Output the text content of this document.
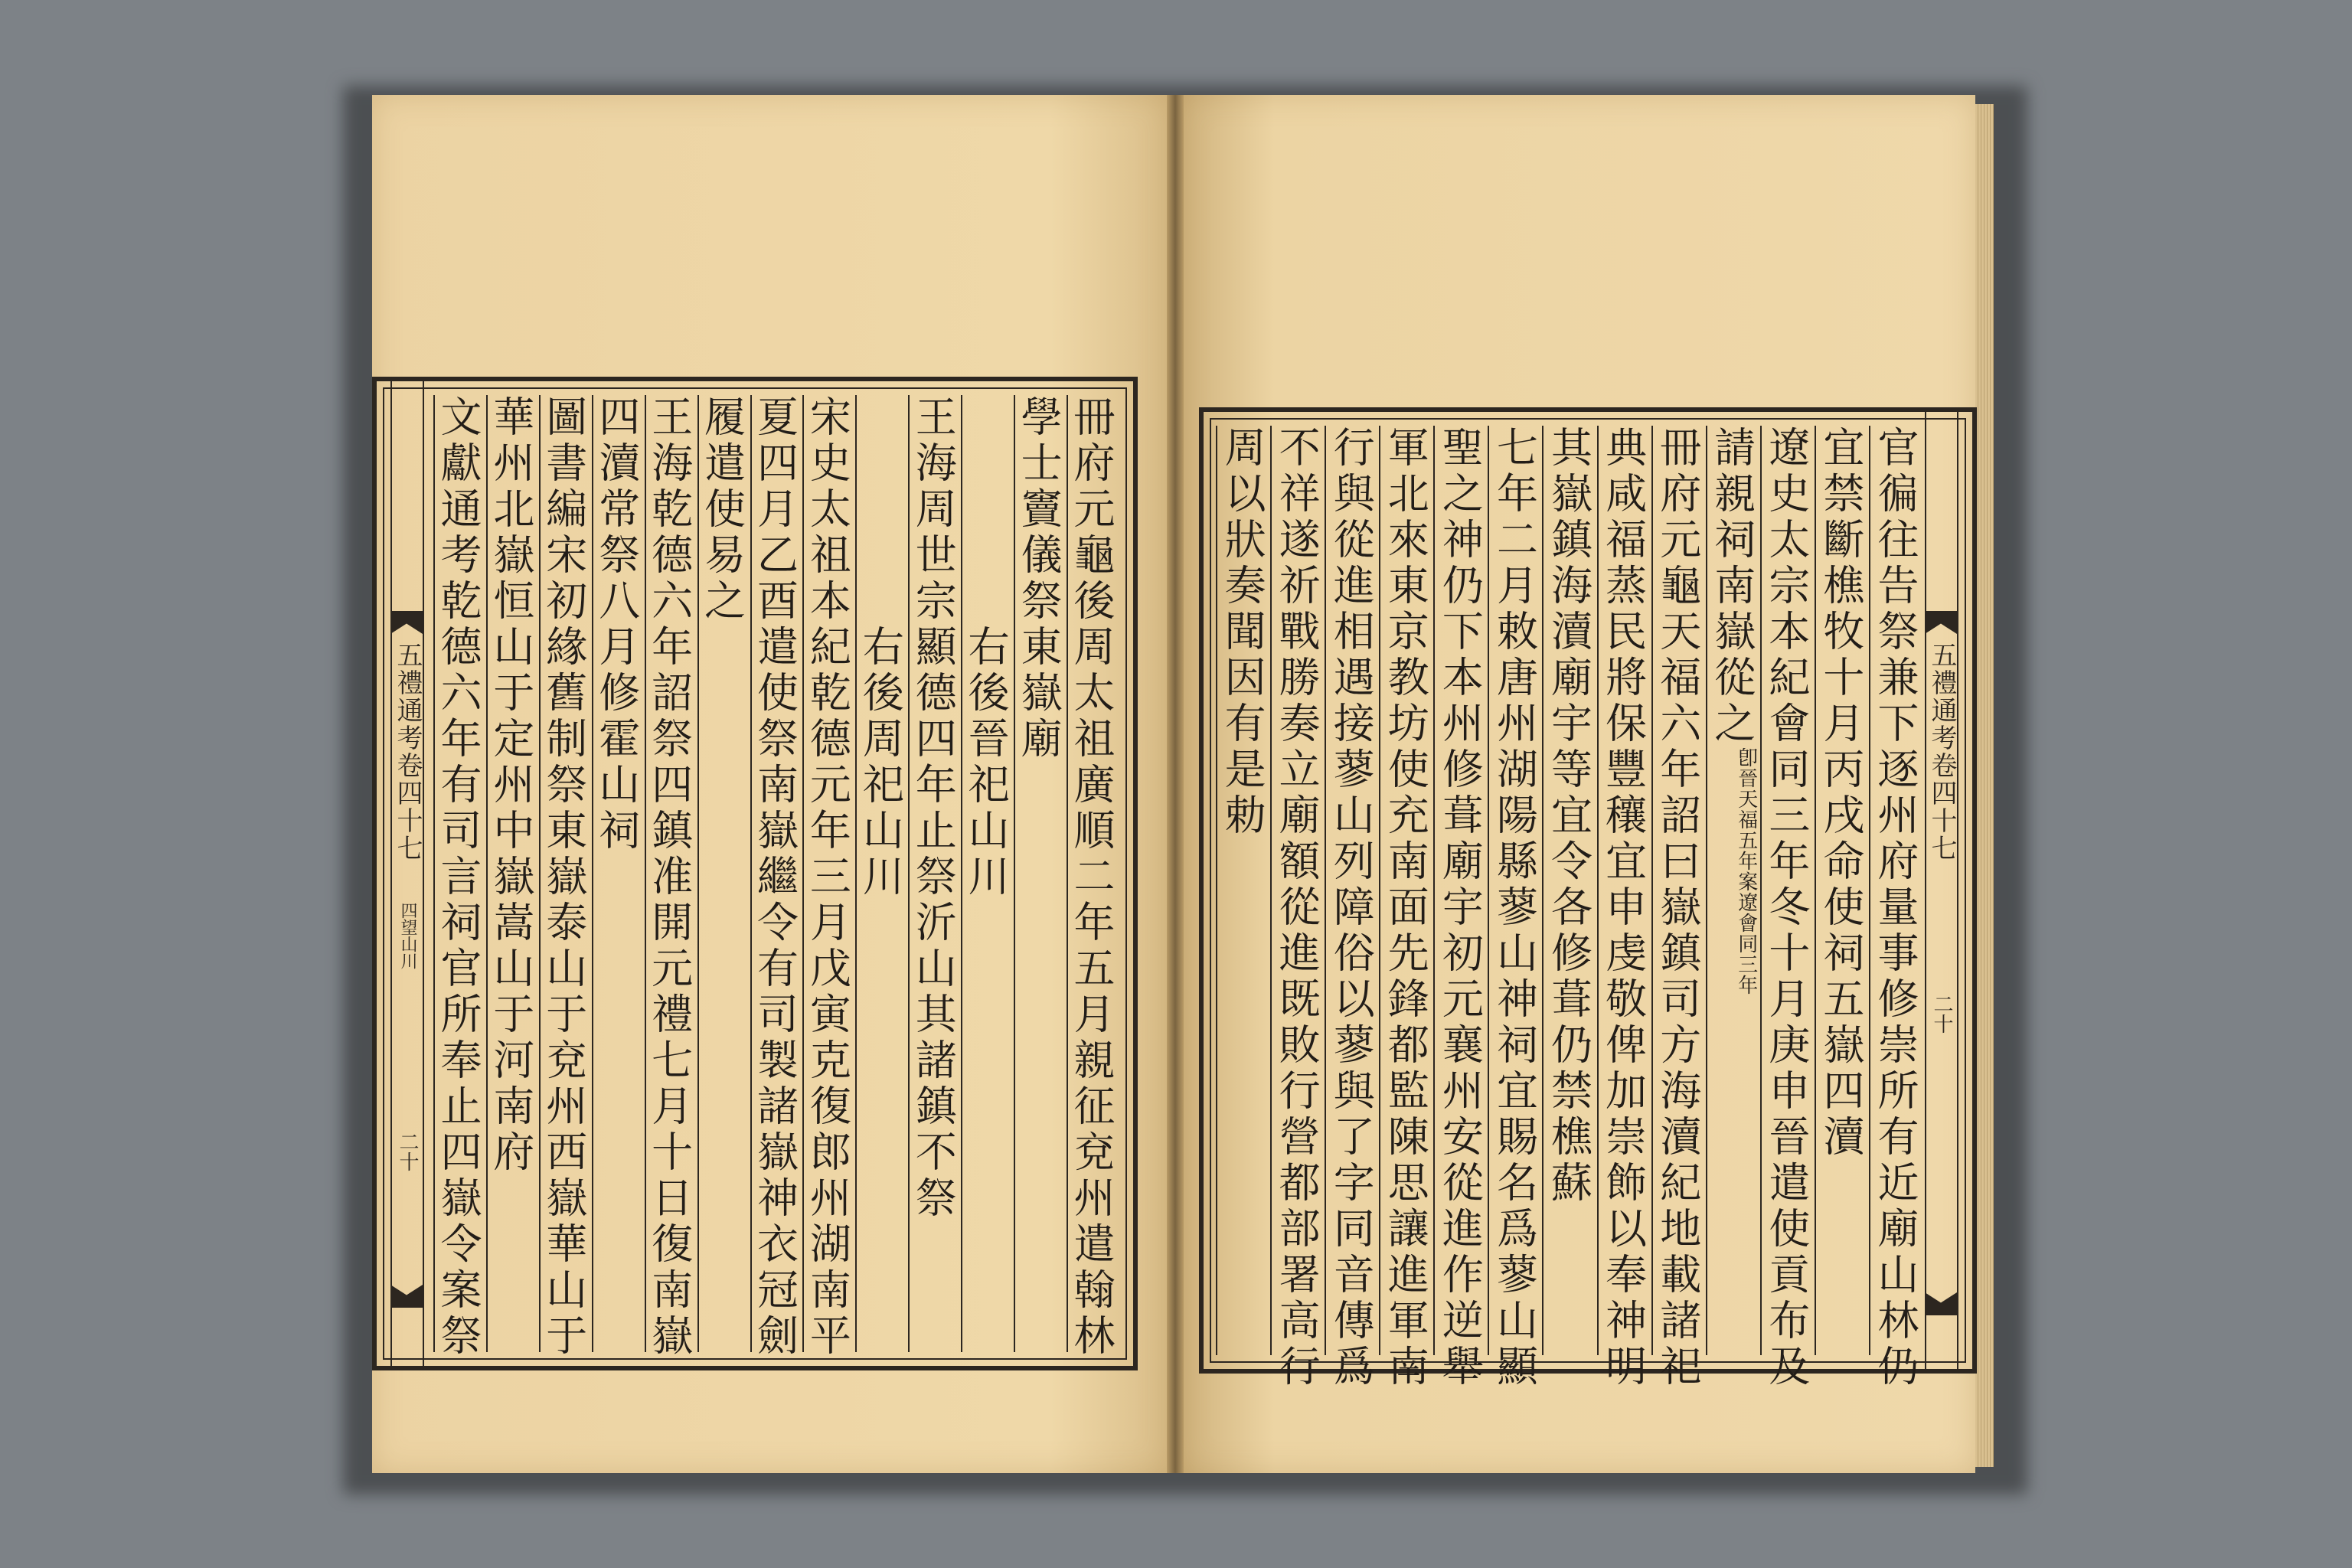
冊府元龜後周太祖廣順二年五月親征兗州遣翰林
學士竇儀祭東嶽廟
右後晉祀山川
王海周世宗顯德四年止祭沂山其諸鎮不祭
右後周祀山川
宋史太祖本紀乾德元年三月戊寅克復郎州湖南平
夏四月乙酉遣使祭南嶽繼令有司製諸嶽神衣冠劍
履遣使易之
王海乾德六年詔祭四鎮准開元禮七月十日復南嶽
四瀆常祭八月修霍山祠
圖書編宋初緣舊制祭東嶽泰山于兗州西嶽華山于
華州北嶽恒山于定州中嶽嵩山于河南府
文獻通考乾德六年有司言祠官所奉止四嶽令案祭
五禮通考卷四十七
四望山川
二十	官徧往告祭兼下逐州府量事修崇所有近廟山林仍
宜禁斷樵牧十月丙戌命使祠五嶽四瀆
遼史太宗本紀會同三年冬十月庚申晉遣使貢布及
請親祠南嶽從之
案遼會同三年
卽晉天福五年
冊府元龜天福六年詔曰嶽鎮司方海瀆紀地載諸祀
典咸福蒸民將保豐穰宜申虔敬俾加崇飾以奉神明
其嶽鎮海瀆廟宇等宜令各修葺仍禁樵蘇
七年二月敕唐州湖陽縣蓼山神祠宜賜名爲蓼山顯
聖之神仍下本州修葺廟宇初元襄州安從進作逆舉
軍北來東京教坊使充南面先鋒都監陳思讓進軍南
行與從進相遇接蓼山列障俗以蓼與了字同音傳爲
不祥遂祈戰勝奏立廟額從進既敗行營都部署高行
周以狀奏聞因有是勅	五禮通考卷四十七
二十
